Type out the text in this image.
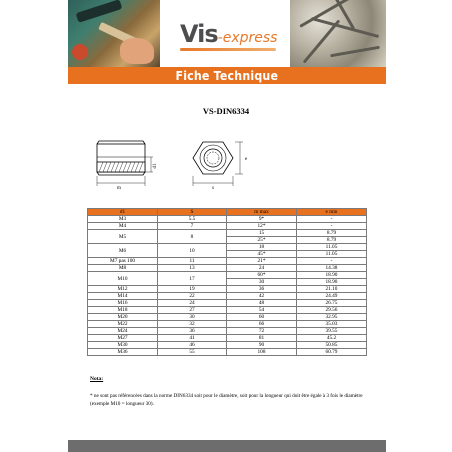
Vis-express
Fiche Technique
VS-DIN6334
m
d1
s
e
d1	S	m max	e min
M3	5.5	9*	-
M4	7	12*	-
M5	8	15	8.79
		25*	8.79
M6	10	18	11.05
		45*	11.05
M7 pas 100	11	21*	-
M8	13	24	14.38
M10	17	60*	18.90
		30	18.90
M12	19	36	21.10
M14	22	42	24.49
M16	24	48	26.75
M18	27	54	29.56
M20	30	60	32.95
M22	32	66	35.03
M24	36	72	39.55
M27	41	81	45.2
M30	46	90	50.85
M36	55	108	60.79
Nota:
* ne sont pas référencées dans la norme DIN6334 soit pour le diamètre, soit pour la longueur qui doit être égale à 3 fois le diamètre (exemple M10 = longueur 30).
